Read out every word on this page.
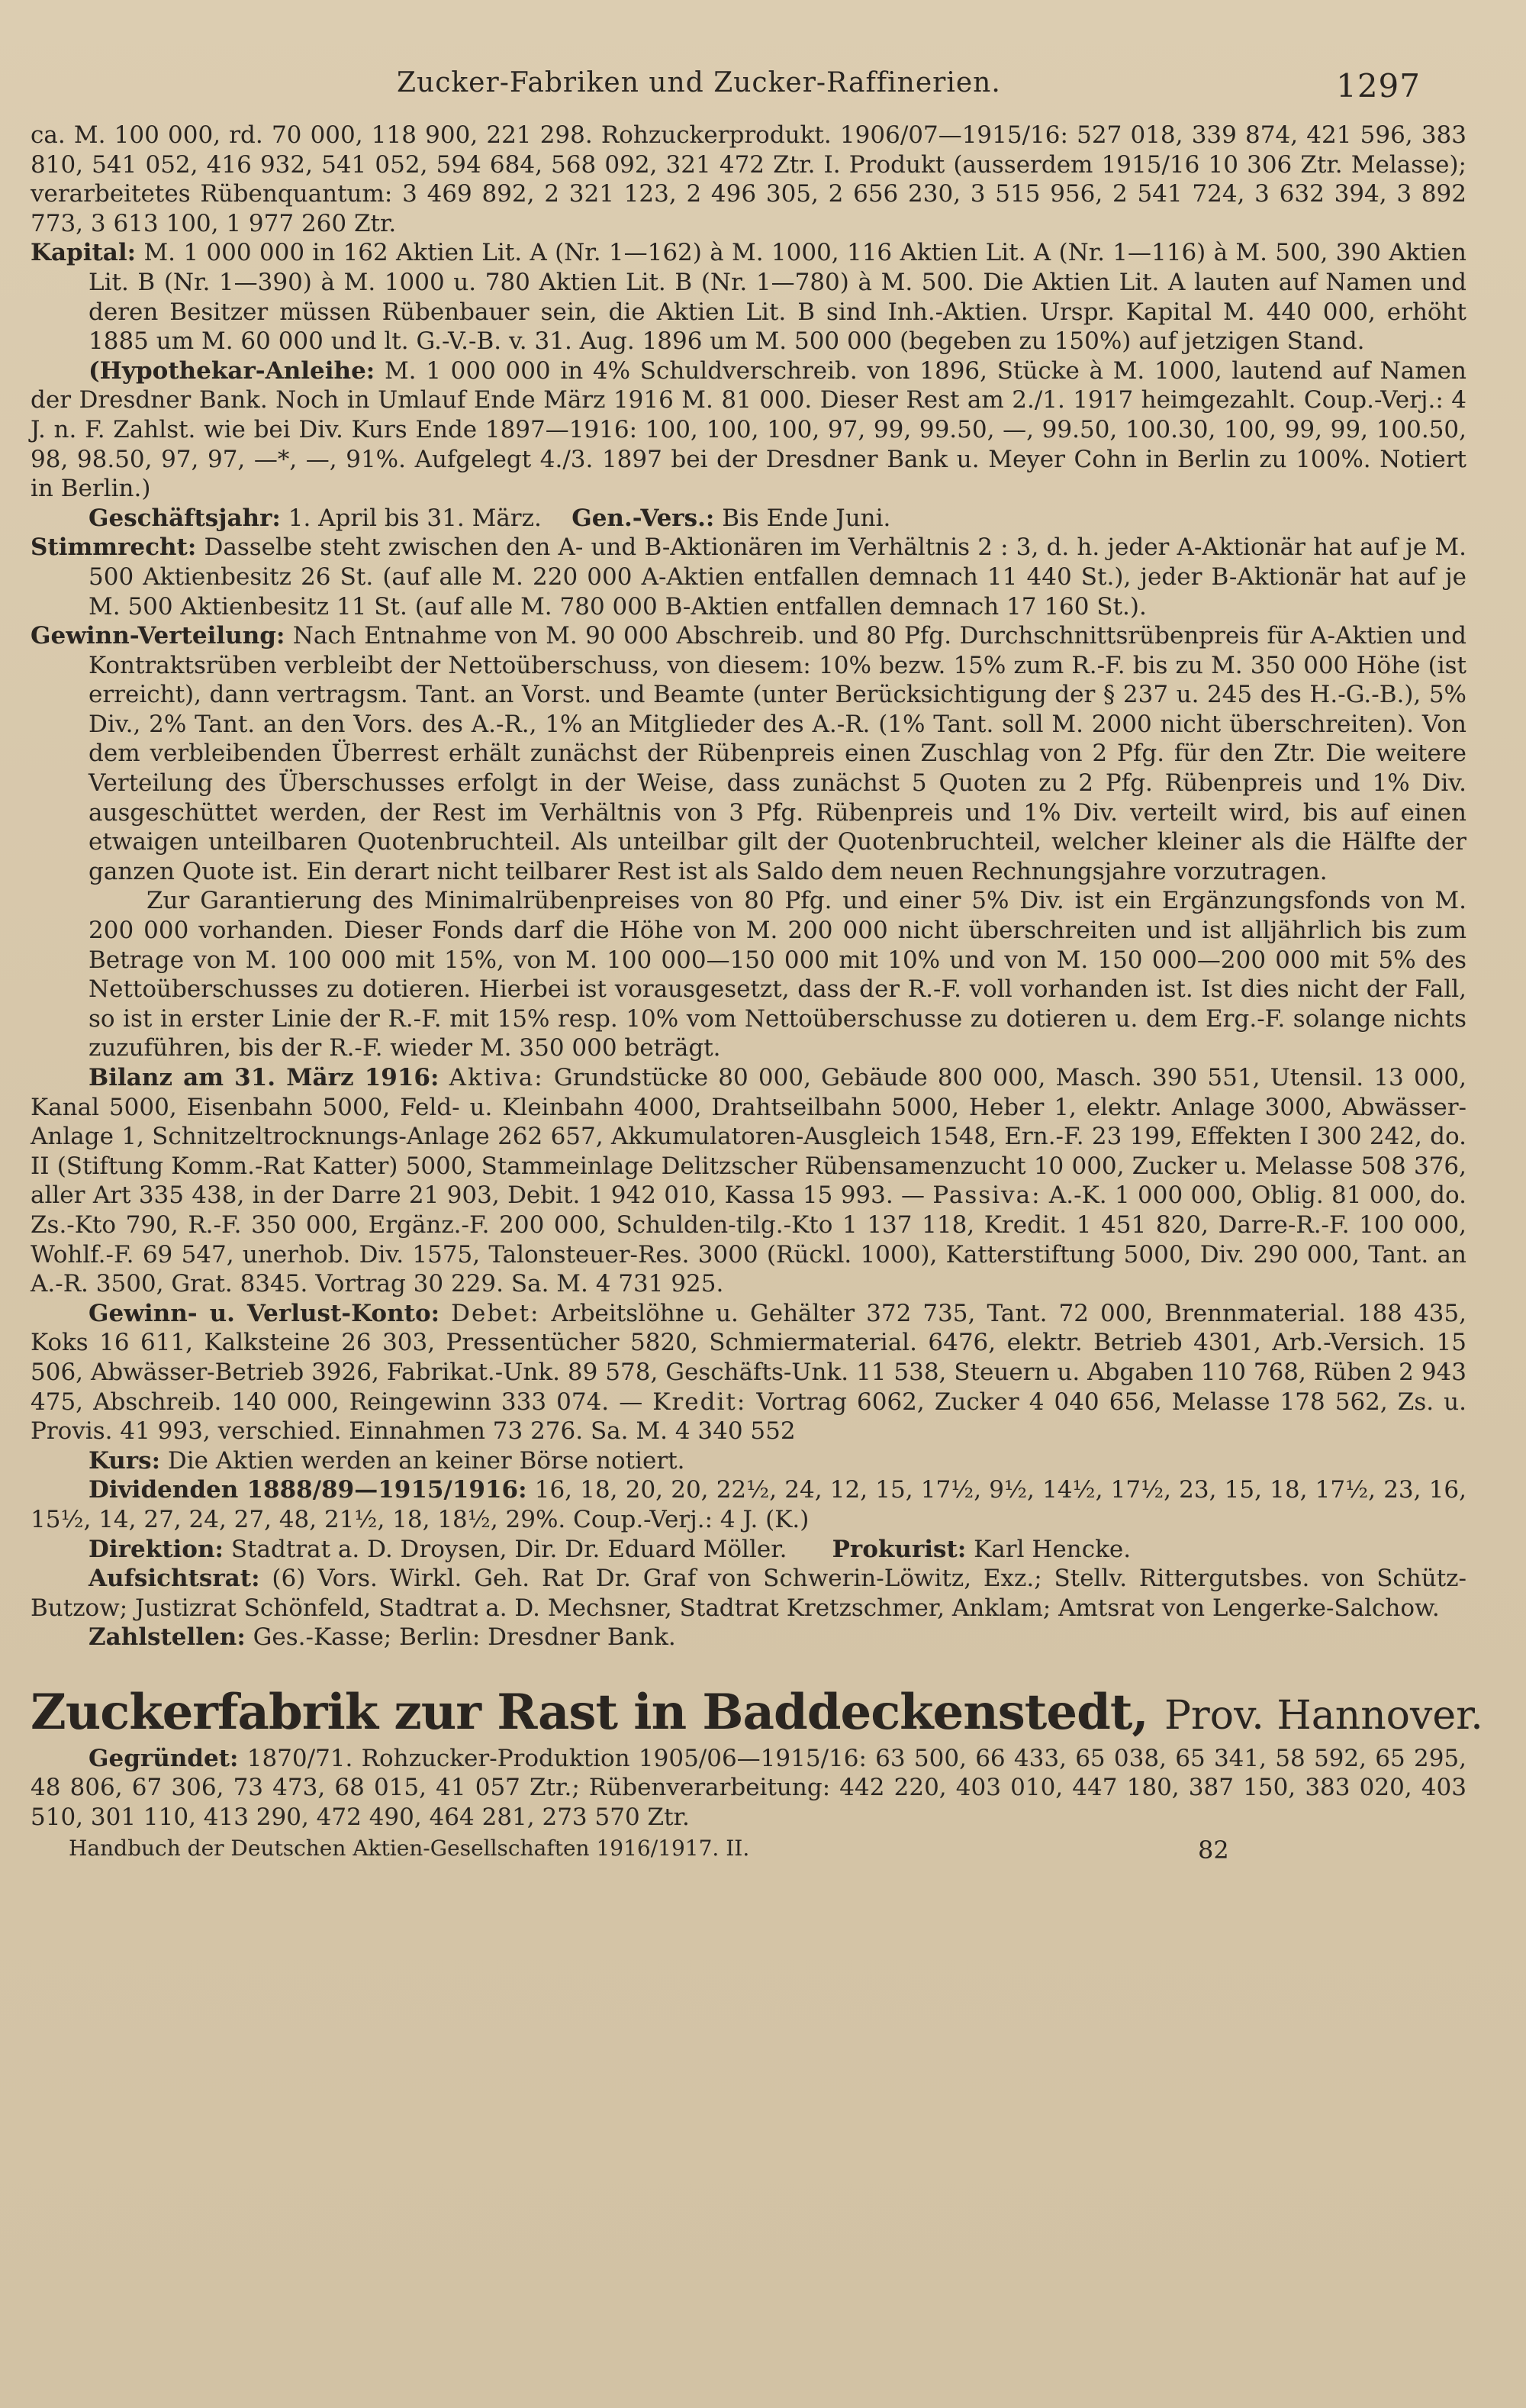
Zucker-Fabriken und Zucker-Raffinerien.	1297

ca. M. 100 000, rd. 70 000, 118 900, 221 298. Rohzuckerprodukt. 1906/07—1915/16: 527 018, 339 874, 421 596, 383 810, 541 052, 416 932, 541 052, 594 684, 568 092, 321 472 Ztr. I. Produkt (ausserdem 1915/16 10 306 Ztr. Melasse); verarbeitetes Rübenquantum: 3 469 892, 2 321 123, 2 496 305, 2 656 230, 3 515 956, 2 541 724, 3 632 394, 3 892 773, 3 613 100, 1 977 260 Ztr.

Kapital: M. 1 000 000 in 162 Aktien Lit. A (Nr. 1—162) à M. 1000, 116 Aktien Lit. A (Nr. 1—116) à M. 500, 390 Aktien Lit. B (Nr. 1—390) à M. 1000 u. 780 Aktien Lit. B (Nr. 1—780) à M. 500. Die Aktien Lit. A lauten auf Namen und deren Besitzer müssen Rübenbauer sein, die Aktien Lit. B sind Inh.-Aktien. Urspr. Kapital M. 440 000, erhöht 1885 um M. 60 000 und lt. G.-V.-B. v. 31. Aug. 1896 um M. 500 000 (begeben zu 150%) auf jetzigen Stand.

(Hypothekar-Anleihe: M. 1 000 000 in 4% Schuldverschreib. von 1896, Stücke à M. 1000, lautend auf Namen der Dresdner Bank. Noch in Umlauf Ende März 1916 M. 81 000. Dieser Rest am 2./1. 1917 heimgezahlt. Coup.-Verj.: 4 J. n. F. Zahlst. wie bei Div. Kurs Ende 1897—1916: 100, 100, 100, 97, 99, 99.50, —, 99.50, 100.30, 100, 99, 99, 100.50, 98, 98.50, 97, 97, —*, —, 91%. Aufgelegt 4./3. 1897 bei der Dresdner Bank u. Meyer Cohn in Berlin zu 100%. Notiert in Berlin.)

Geschäftsjahr: 1. April bis 31. März. Gen.-Vers.: Bis Ende Juni.

Stimmrecht: Dasselbe steht zwischen den A- und B-Aktionären im Verhältnis 2 : 3, d. h. jeder A-Aktionär hat auf je M. 500 Aktienbesitz 26 St. (auf alle M. 220 000 A-Aktien entfallen demnach 11 440 St.), jeder B-Aktionär hat auf je M. 500 Aktienbesitz 11 St. (auf alle M. 780 000 B-Aktien entfallen demnach 17 160 St.).

Gewinn-Verteilung: Nach Entnahme von M. 90 000 Abschreib. und 80 Pfg. Durchschnittsrübenpreis für A-Aktien und Kontraktsrüben verbleibt der Nettoüberschuss, von diesem: 10% bezw. 15% zum R.-F. bis zu M. 350 000 Höhe (ist erreicht), dann vertragsm. Tant. an Vorst. und Beamte (unter Berücksichtigung der § 237 u. 245 des H.-G.-B.), 5% Div., 2% Tant. an den Vors. des A.-R., 1% an Mitglieder des A.-R. (1% Tant. soll M. 2000 nicht überschreiten). Von dem verbleibenden Überrest erhält zunächst der Rübenpreis einen Zuschlag von 2 Pfg. für den Ztr. Die weitere Verteilung des Überschusses erfolgt in der Weise, dass zunächst 5 Quoten zu 2 Pfg. Rübenpreis und 1% Div. ausgeschüttet werden, der Rest im Verhältnis von 3 Pfg. Rübenpreis und 1% Div. verteilt wird, bis auf einen etwaigen unteilbaren Quotenbruchteil. Als unteilbar gilt der Quotenbruchteil, welcher kleiner als die Hälfte der ganzen Quote ist. Ein derart nicht teilbarer Rest ist als Saldo dem neuen Rechnungsjahre vorzutragen.

Zur Garantierung des Minimalrübenpreises von 80 Pfg. und einer 5% Div. ist ein Ergänzungsfonds von M. 200 000 vorhanden. Dieser Fonds darf die Höhe von M. 200 000 nicht überschreiten und ist alljährlich bis zum Betrage von M. 100 000 mit 15%, von M. 100 000—150 000 mit 10% und von M. 150 000—200 000 mit 5% des Nettoüberschusses zu dotieren. Hierbei ist vorausgesetzt, dass der R.-F. voll vorhanden ist. Ist dies nicht der Fall, so ist in erster Linie der R.-F. mit 15% resp. 10% vom Nettoüberschusse zu dotieren u. dem Erg.-F. solange nichts zuzuführen, bis der R.-F. wieder M. 350 000 beträgt.

Bilanz am 31. März 1916: Aktiva: Grundstücke 80 000, Gebäude 800 000, Masch. 390 551, Utensil. 13 000, Kanal 5000, Eisenbahn 5000, Feld- u. Kleinbahn 4000, Drahtseilbahn 5000, Heber 1, elektr. Anlage 3000, Abwässer-Anlage 1, Schnitzeltrocknungs-Anlage 262 657, Akkumulatoren-Ausgleich 1548, Ern.-F. 23 199, Effekten I 300 242, do. II (Stiftung Komm.-Rat Katter) 5000, Stammeinlage Delitzscher Rübensamenzucht 10 000, Zucker u. Melasse 508 376, aller Art 335 438, in der Darre 21 903, Debit. 1 942 010, Kassa 15 993. — Passiva: A.-K. 1 000 000, Oblig. 81 000, do. Zs.-Kto 790, R.-F. 350 000, Ergänz.-F. 200 000, Schulden-tilg.-Kto 1 137 118, Kredit. 1 451 820, Darre-R.-F. 100 000, Wohlf.-F. 69 547, unerhob. Div. 1575, Talonsteuer-Res. 3000 (Rückl. 1000), Katterstiftung 5000, Div. 290 000, Tant. an A.-R. 3500, Grat. 8345. Vortrag 30 229. Sa. M. 4 731 925.

Gewinn- u. Verlust-Konto: Debet: Arbeitslöhne u. Gehälter 372 735, Tant. 72 000, Brennmaterial. 188 435, Koks 16 611, Kalksteine 26 303, Pressentücher 5820, Schmiermaterial. 6476, elektr. Betrieb 4301, Arb.-Versich. 15 506, Abwässer-Betrieb 3926, Fabrikat.-Unk. 89 578, Geschäfts-Unk. 11 538, Steuern u. Abgaben 110 768, Rüben 2 943 475, Abschreib. 140 000, Reingewinn 333 074. — Kredit: Vortrag 6062, Zucker 4 040 656, Melasse 178 562, Zs. u. Provis. 41 993, verschied. Einnahmen 73 276. Sa. M. 4 340 552

Kurs: Die Aktien werden an keiner Börse notiert.

Dividenden 1888/89—1915/1916: 16, 18, 20, 20, 22½, 24, 12, 15, 17½, 9½, 14½, 17½, 23, 15, 18, 17½, 23, 16, 15½, 14, 27, 24, 27, 48, 21½, 18, 18½, 29%. Coup.-Verj.: 4 J. (K.)

Direktion: Stadtrat a. D. Droysen, Dir. Dr. Eduard Möller. Prokurist: Karl Hencke.

Aufsichtsrat: (6) Vors. Wirkl. Geh. Rat Dr. Graf von Schwerin-Löwitz, Exz.; Stellv. Rittergutsbes. von Schütz-Butzow; Justizrat Schönfeld, Stadtrat a. D. Mechsner, Stadtrat Kretzschmer, Anklam; Amtsrat von Lengerke-Salchow.

Zahlstellen: Ges.-Kasse; Berlin: Dresdner Bank.

Zuckerfabrik zur Rast in Baddeckenstedt, Prov. Hannover.

Gegründet: 1870/71. Rohzucker-Produktion 1905/06—1915/16: 63 500, 66 433, 65 038, 65 341, 58 592, 65 295, 48 806, 67 306, 73 473, 68 015, 41 057 Ztr.; Rübenverarbeitung: 442 220, 403 010, 447 180, 387 150, 383 020, 403 510, 301 110, 413 290, 472 490, 464 281, 273 570 Ztr.

Handbuch der Deutschen Aktien-Gesellschaften 1916/1917. II.	82
